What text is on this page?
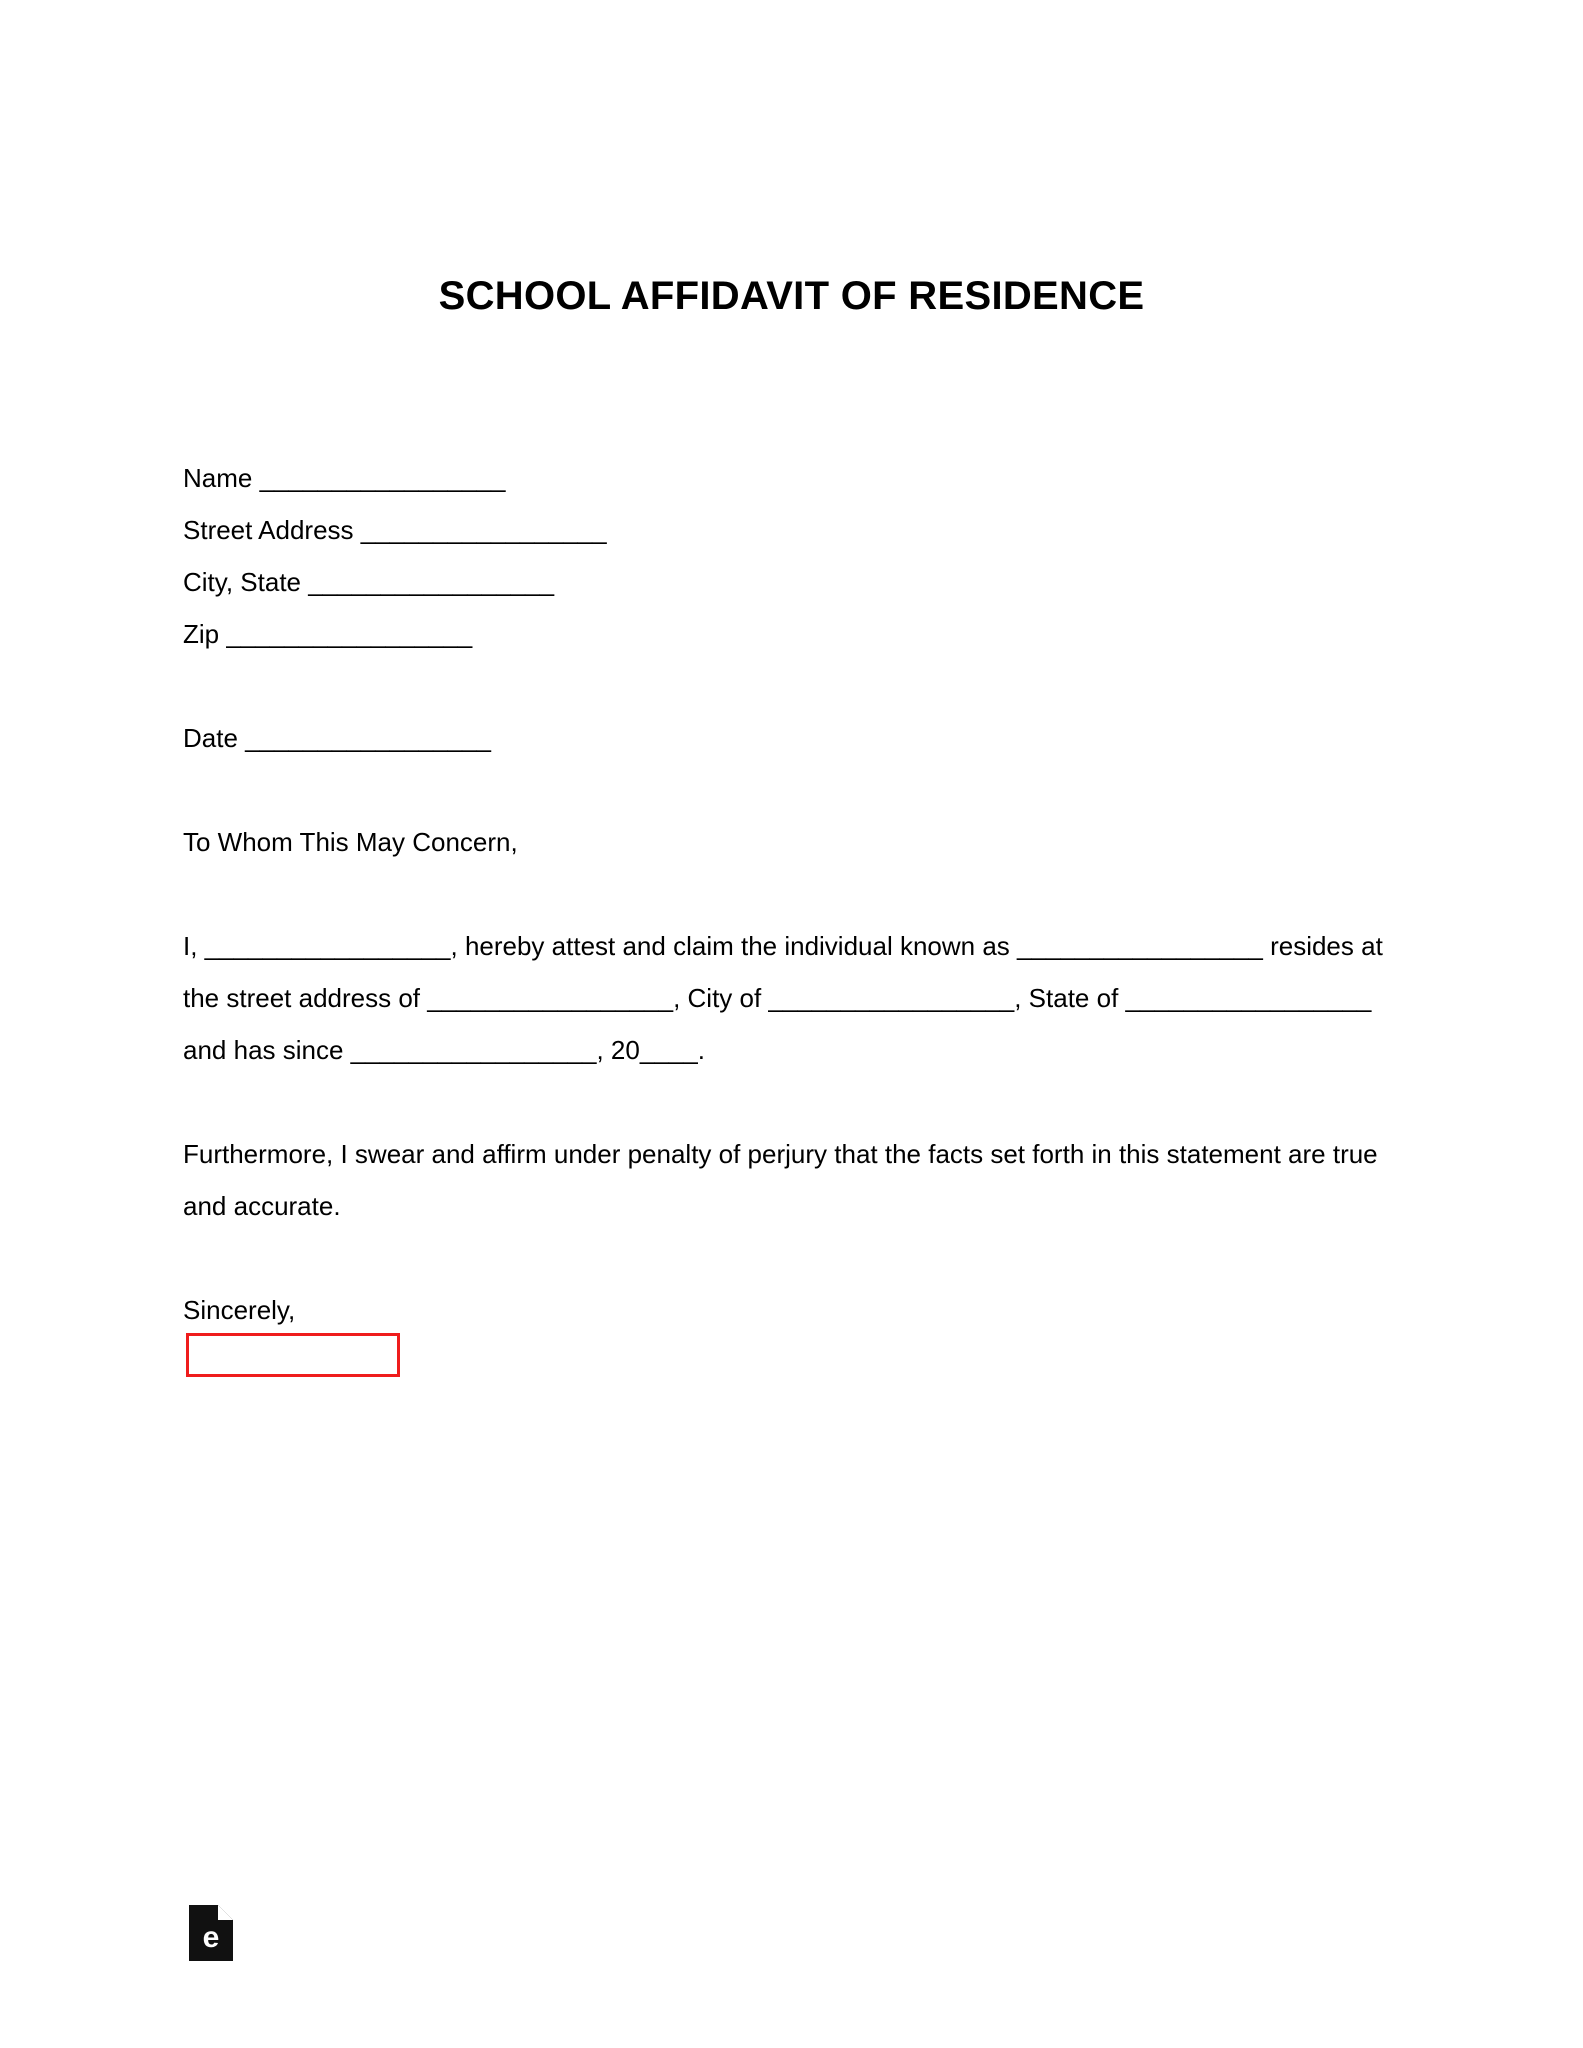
SCHOOL AFFIDAVIT OF RESIDENCE
Name _________________
Street Address _________________
City, State _________________
Zip _________________
Date _________________
To Whom This May Concern,
I, _________________, hereby attest and claim the individual known as _________________ resides at the street address of _________________, City of _________________, State of _________________ and has since _________________, 20____.
Furthermore, I swear and affirm under penalty of perjury that the facts set forth in this statement are true and accurate.
Sincerely,
e
